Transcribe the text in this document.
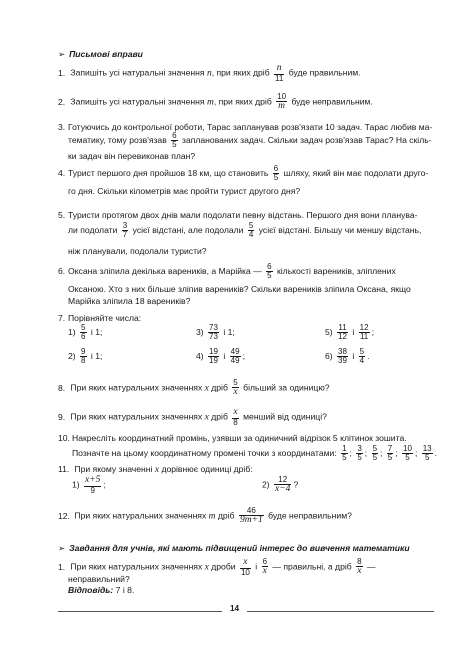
➢ Письмові вправи
1. Запишіть усі натуральні значення n, при яких дріб $\frac{n}{11}$ буде правильним.
2. Запишіть усі натуральні значення m, при яких дріб $\frac{10}{m}$ буде неправильним.
3. Готуючись до контрольної роботи, Тарас запланував розв'язати 10 задач. Тарас любив ма-
тематику, тому розв'язав $\frac{6}{5}$ запланованих задач. Скільки задач розв'язав Тарас? На скіль-
ки задач він перевиконав план?
4. Турист першого дня пройшов 18 км, що становить $\frac{6}{5}$ шляху, який він має подолати друго-
го дня. Скільки кілометрів має пройти турист другого дня?
5. Туристи протягом двох днів мали подолати певну відстань. Першого дня вони планува-
ли подолати $\frac{3}{7}$ усієї відстані, але подолали $\frac{5}{4}$ усієї відстані. Більшу чи меншу відстань,
ніж планували, подолали туристи?
6. Оксана зліпила декілька вареників, а Марійка — $\frac{6}{5}$ кількості вареників, зліплених
Оксаною. Хто з них більше зліпив вареників? Скільки вареників зліпила Оксана, якщо
Марійка зліпила 18 вареників?
7. Порівняйте числа:
$1) \frac{5}{6}$ і 1;
$2) \frac{9}{8}$ і 1;
$3) \frac{73}{73}$ і 1;
$4) \frac{19}{19}$ і $\frac{49}{49}$ ;
$5) \frac{11}{12}$ і $\frac{12}{11}$ ;
$6) \frac{38}{39}$ і $\frac{5}{4}$ .
8. При яких натуральних значеннях x дріб $\frac{5}{x}$ більший за одиницю?
9. При яких натуральних значеннях x дріб $\frac{x}{8}$ менший від одиниці?
10. Накресліть координатний промінь, узявши за одиничний відрізок 5 клітинок зошита.
Позначте на цьому координатному промені точки з координатами: $\frac{1}{5}$ ; $\frac{3}{5}$ ; $\frac{5}{5}$ ; $\frac{7}{5}$ ; $\frac{10}{5}$ ; $\frac{13}{5}$ .
11. При якому значенні x дорівнює одиниці дріб:
$1) \frac{x+5}{9}$ ;	$2) \frac{12}{x-4}$ ?
12. При яких натуральних значеннях m дріб $\frac{46}{9m+1}$ буде неправильним?
➢ Завдання для учнів, які мають підвищений інтерес до вивчення математики
1. При яких натуральних значеннях x дроби $\frac{x}{10}$ і $\frac{6}{x}$ — правильні, а дріб $\frac{8}{x}$ —
неправильний?
Відповідь: 7 і 8.
14
